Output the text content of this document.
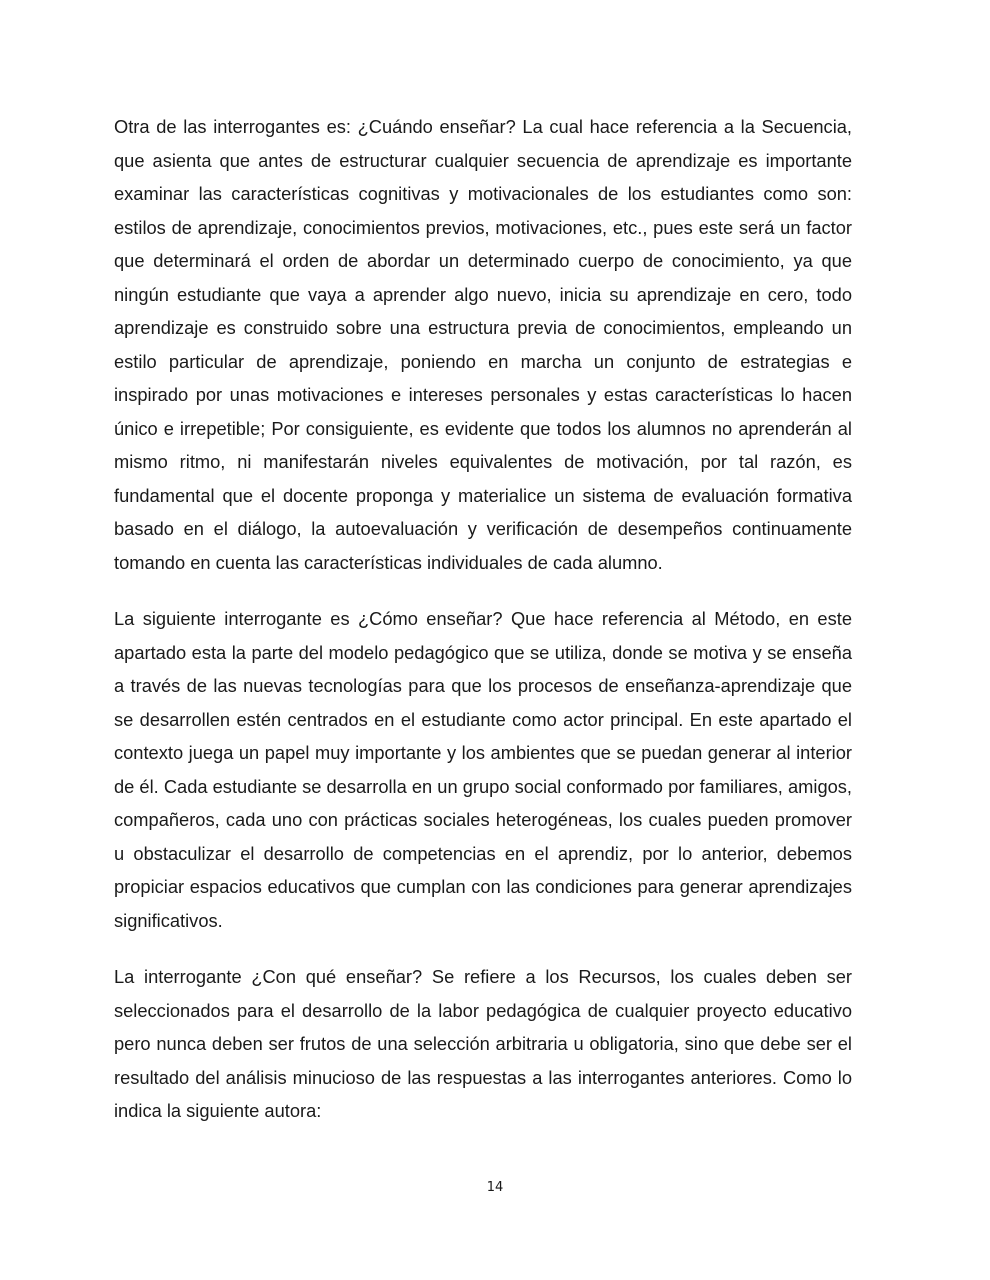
Otra de las interrogantes es: ¿Cuándo enseñar? La cual hace referencia a la Secuencia, que asienta que antes de estructurar cualquier secuencia de aprendizaje es importante examinar las características cognitivas y motivacionales de los estudiantes como son: estilos de aprendizaje, conocimientos previos, motivaciones, etc., pues este será un factor que determinará el orden de abordar un determinado cuerpo de conocimiento, ya que ningún estudiante que vaya a aprender algo nuevo, inicia su aprendizaje en cero, todo aprendizaje es construido sobre una estructura previa de conocimientos, empleando un estilo particular de aprendizaje, poniendo en marcha un conjunto de estrategias e inspirado por unas motivaciones e intereses personales y estas características lo hacen único e irrepetible; Por consiguiente, es evidente que todos los alumnos no aprenderán al mismo ritmo, ni manifestarán niveles equivalentes de motivación, por tal razón, es fundamental que el docente proponga y materialice un sistema de evaluación formativa basado en el diálogo, la autoevaluación y verificación de desempeños continuamente tomando en cuenta las características individuales de cada alumno.

La siguiente interrogante es ¿Cómo enseñar? Que hace referencia al Método, en este apartado esta la parte del modelo pedagógico que se utiliza, donde se motiva y se enseña a través de las nuevas tecnologías para que los procesos de enseñanza-aprendizaje que se desarrollen estén centrados en el estudiante como actor principal. En este apartado el contexto juega un papel muy importante y los ambientes que se puedan generar al interior de él. Cada estudiante se desarrolla en un grupo social conformado por familiares, amigos, compañeros, cada uno con prácticas sociales heterogéneas, los cuales pueden promover u obstaculizar el desarrollo de competencias en el aprendiz, por lo anterior, debemos propiciar espacios educativos que cumplan con las condiciones para generar aprendizajes significativos.

La interrogante ¿Con qué enseñar? Se refiere a los Recursos, los cuales deben ser seleccionados para el desarrollo de la labor pedagógica de cualquier proyecto educativo pero nunca deben ser frutos de una selección arbitraria u obligatoria, sino que debe ser el resultado del análisis minucioso de las respuestas a las interrogantes anteriores. Como lo indica la siguiente autora:

14
